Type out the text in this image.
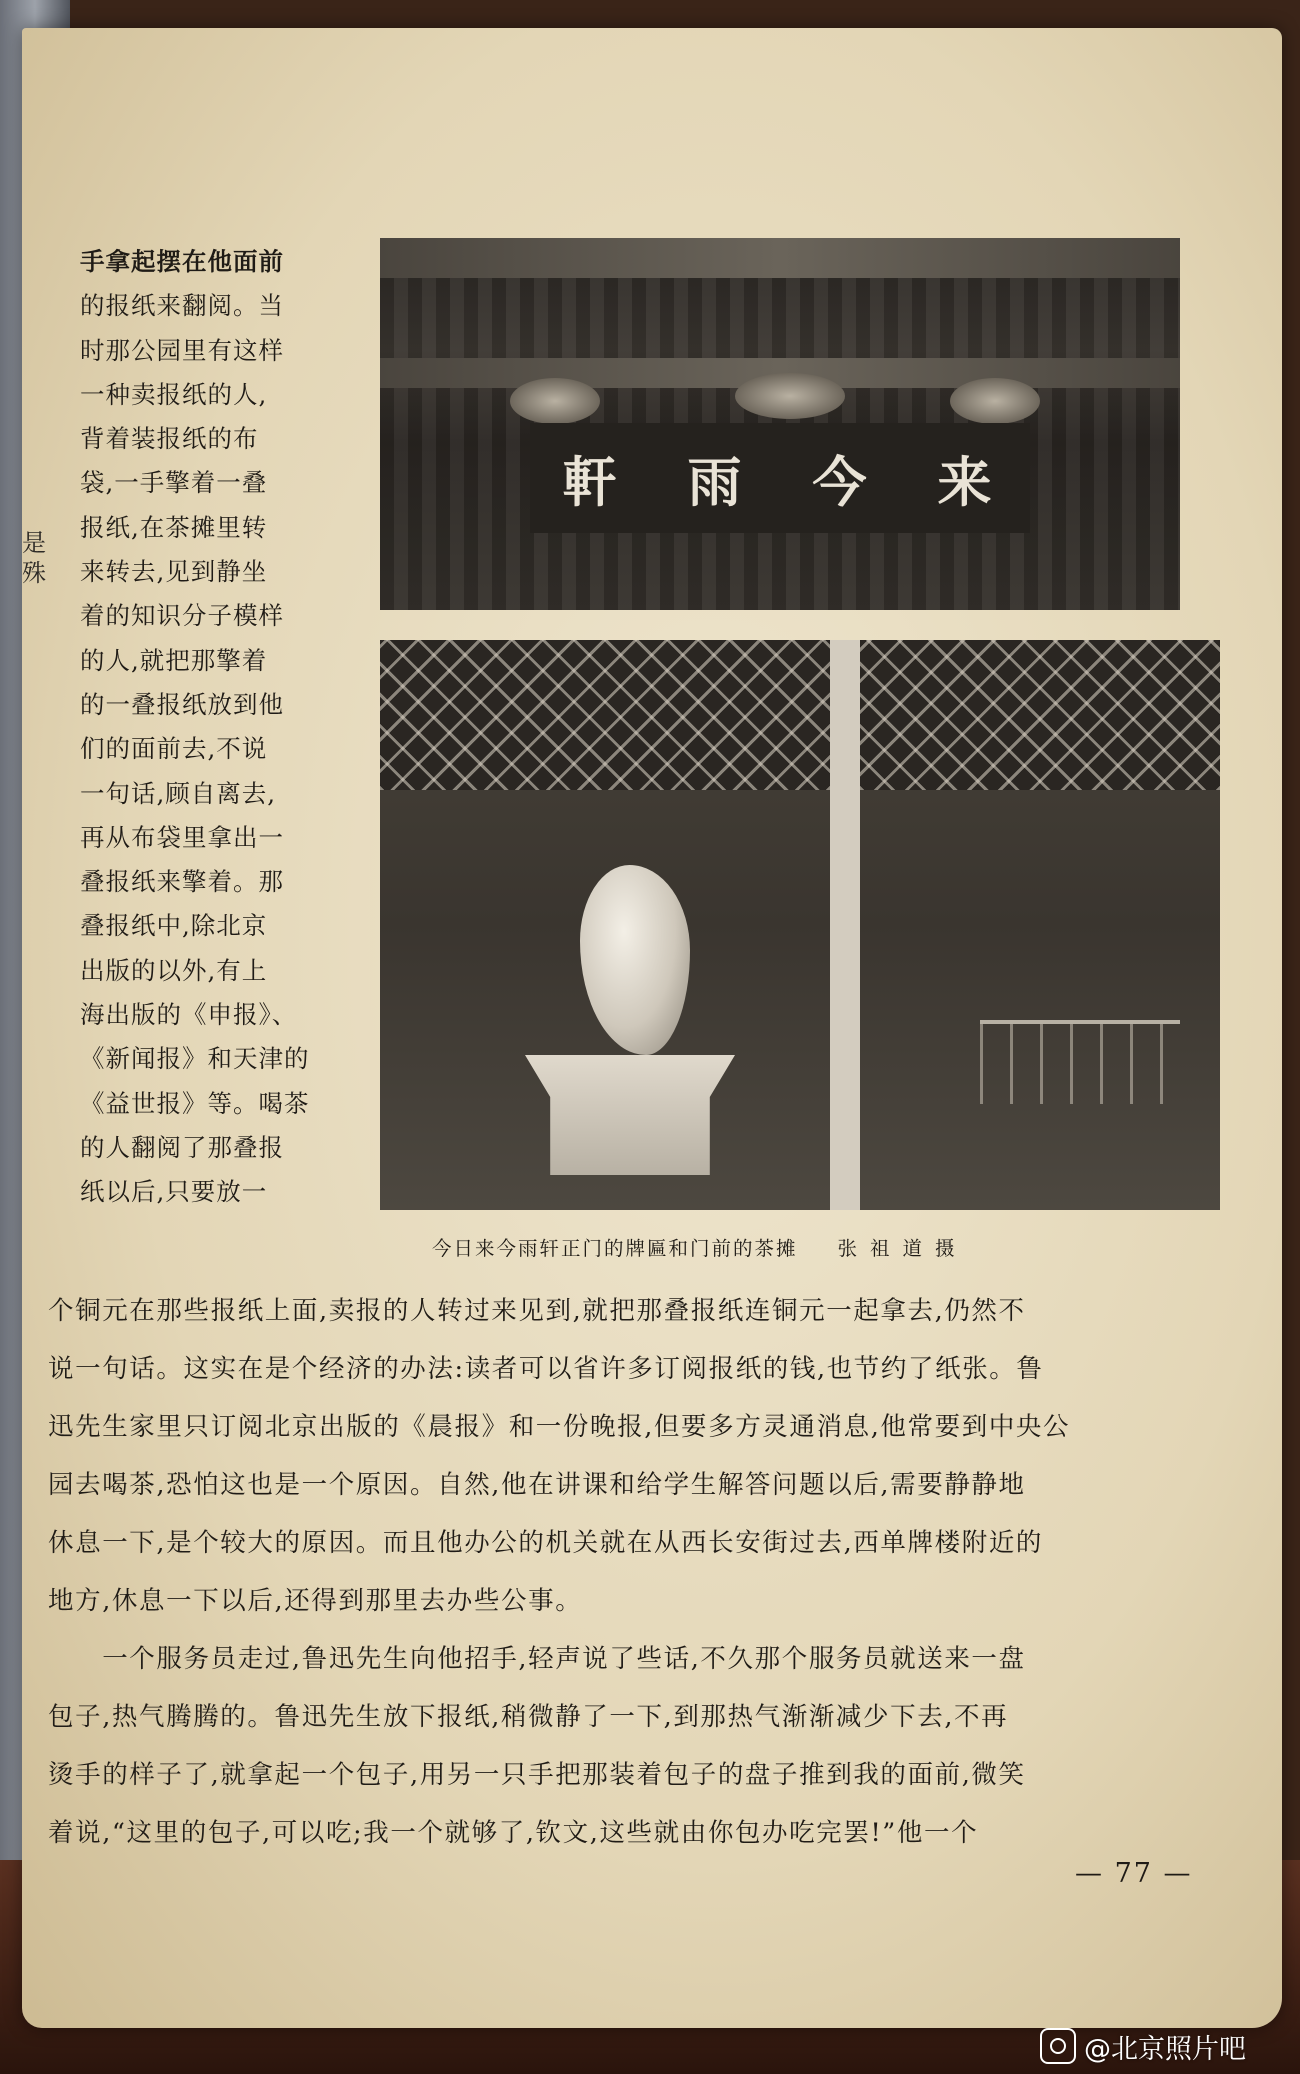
是
殊
手拿起摆在他面前
的报纸来翻阅。当
时那公园里有这样
一种卖报纸的人,
背着装报纸的布
袋,一手擎着一叠
报纸,在茶摊里转
来转去,见到静坐
着的知识分子模样
的人,就把那擎着
的一叠报纸放到他
们的面前去,不说
一句话,顾自离去,
再从布袋里拿出一
叠报纸来擎着。那
叠报纸中,除北京
出版的以外,有上
海出版的《申报》、
《新闻报》和天津的
《益世报》等。喝茶
的人翻阅了那叠报
纸以后,只要放一
軒 雨 今 来
今日来今雨轩正门的牌匾和门前的茶摊 张祖道摄
个铜元在那些报纸上面,卖报的人转过来见到,就把那叠报纸连铜元一起拿去,仍然不
说一句话。这实在是个经济的办法:读者可以省许多订阅报纸的钱,也节约了纸张。鲁
迅先生家里只订阅北京出版的《晨报》和一份晚报,但要多方灵通消息,他常要到中央公
园去喝茶,恐怕这也是一个原因。自然,他在讲课和给学生解答问题以后,需要静静地
休息一下,是个较大的原因。而且他办公的机关就在从西长安街过去,西单牌楼附近的
地方,休息一下以后,还得到那里去办些公事。
　　一个服务员走过,鲁迅先生向他招手,轻声说了些话,不久那个服务员就送来一盘
包子,热气腾腾的。鲁迅先生放下报纸,稍微静了一下,到那热气渐渐减少下去,不再
烫手的样子了,就拿起一个包子,用另一只手把那装着包子的盘子推到我的面前,微笑
着说,“这里的包子,可以吃;我一个就够了,钦文,这些就由你包办吃完罢!”他一个
— 77 —
@北京照片吧
